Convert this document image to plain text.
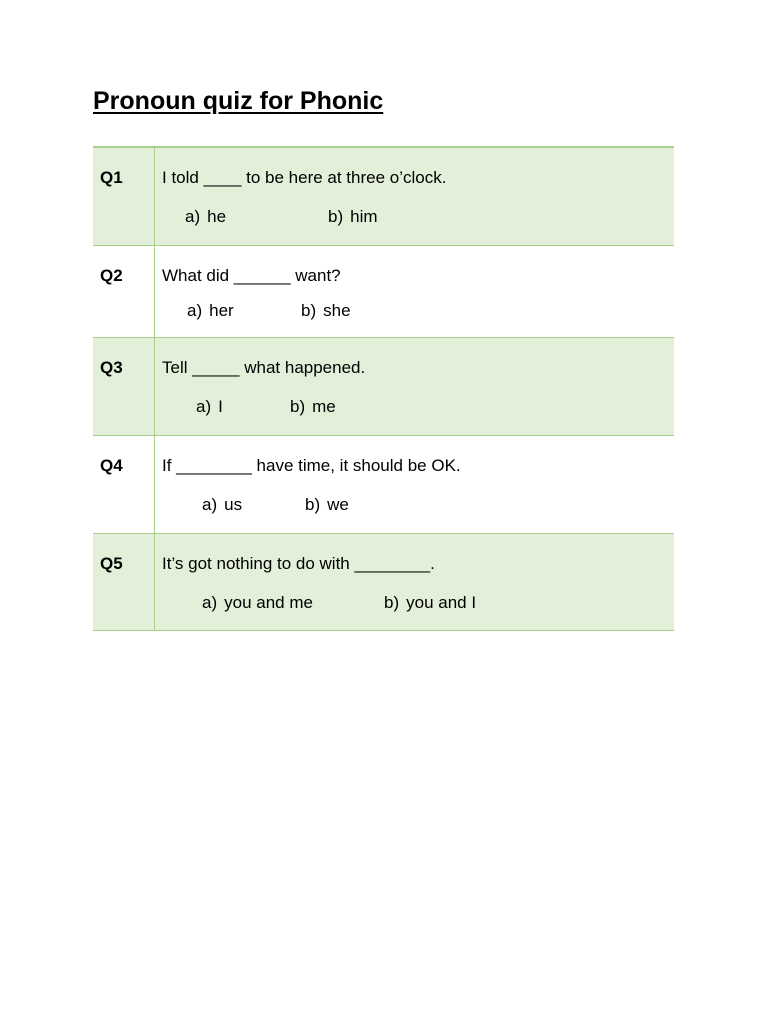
Pronoun quiz for Phonic
Q1	I told ____ to be here at three o’clock.
a) he b) him

Q2	What did ______ want?
a) her b) she

Q3	Tell _____ what happened.
a) I b) me

Q4	If ________ have time, it should be OK.
a) us b) we

Q5	It’s got nothing to do with ________.
a) you and me b) you and I
